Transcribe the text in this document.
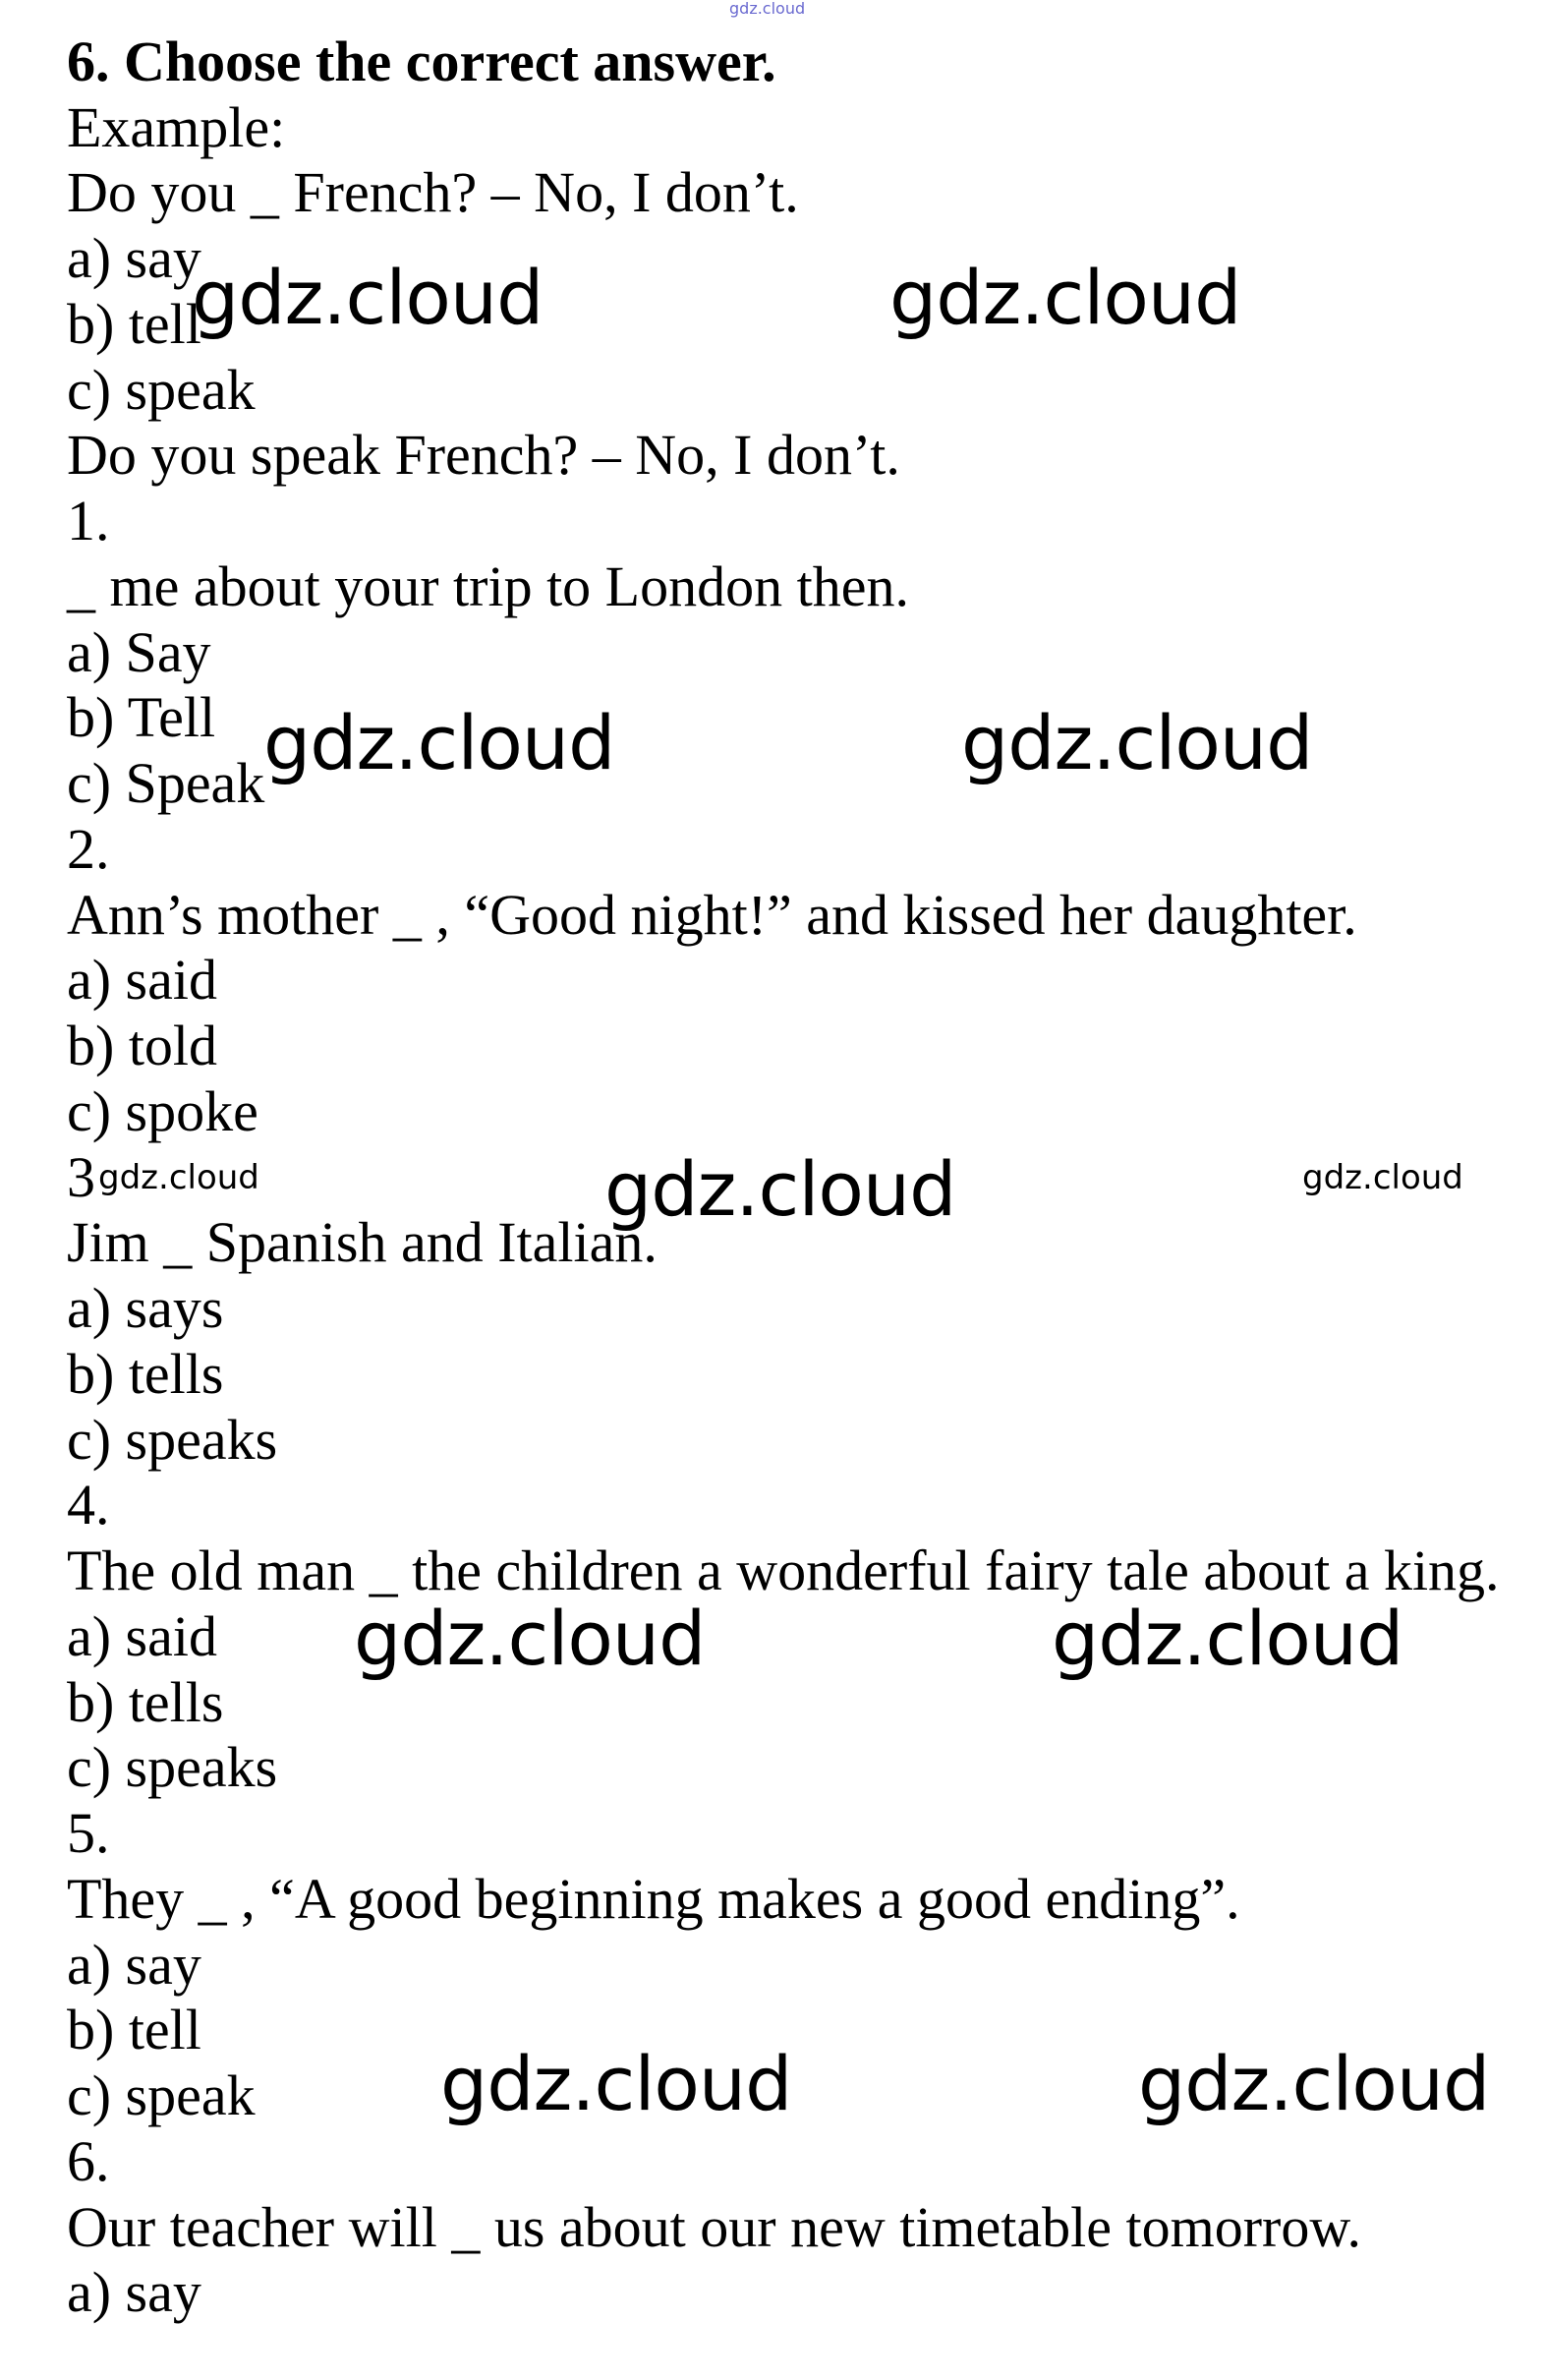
6. Choose the correct answer.
Example:
Do you _ French? – No, I don’t.
a) say
b) tell
c) speak
Do you speak French? – No, I don’t.
1.
_ me about your trip to London then.
a) Say
b) Tell
c) Speak
2.
Ann’s mother _ , “Good night!” and kissed her daughter.
a) said
b) told
c) spoke
3
Jim _ Spanish and Italian.
a) says
b) tells
c) speaks
4.
The old man _ the children a wonderful fairy tale about a king.
a) said
b) tells
c) speaks
5.
They _ , “A good beginning makes a good ending”.
a) say
b) tell
c) speak
6.
Our teacher will _ us about our new timetable tomorrow.
a) say
gdz.cloud
gdz.cloud	gdz.cloud
gdz.cloud	gdz.cloud
gdz.cloud	gdz.cloud	gdz.cloud
gdz.cloud	gdz.cloud
gdz.cloud	gdz.cloud
